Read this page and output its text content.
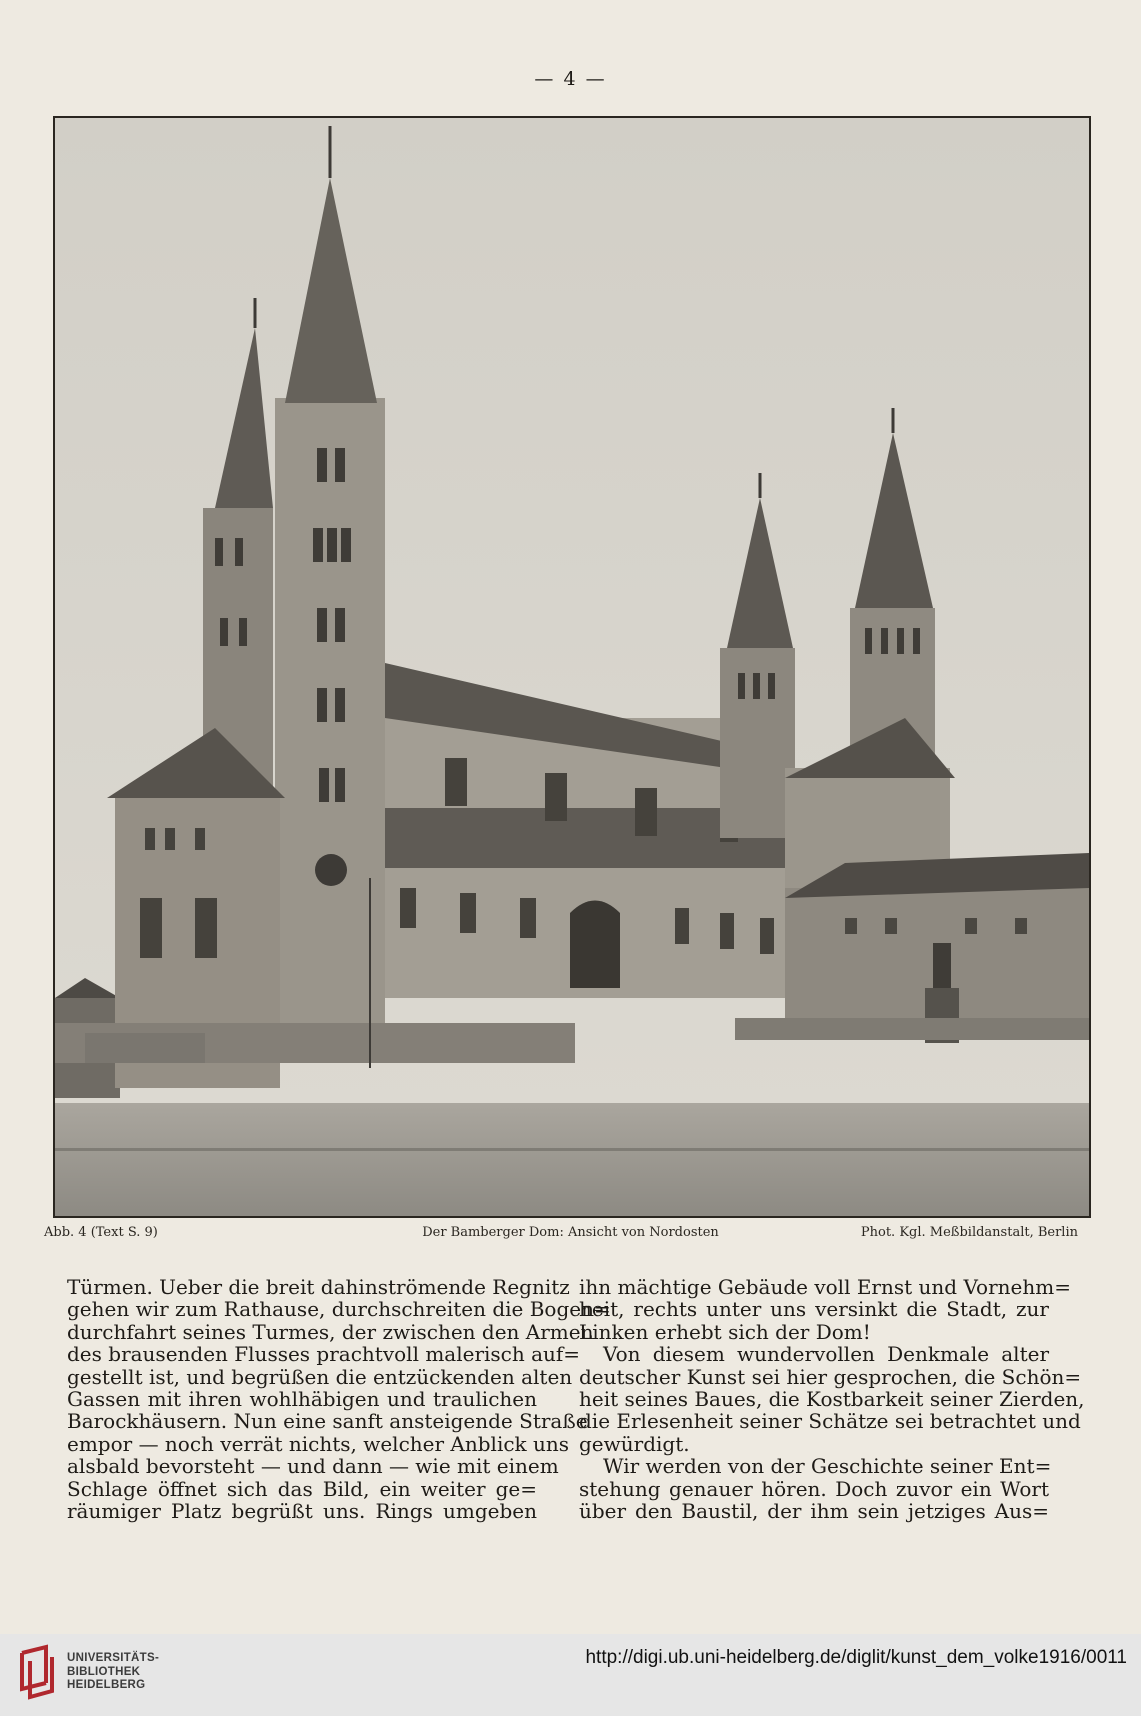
— 4 —
Abb. 4 (Text S. 9)	Der Bamberger Dom: Ansicht von Nordosten	Phot. Kgl. Meßbildanstalt, Berlin
Türmen. Ueber die breit dahinströmende Regnitz
gehen wir zum Rathause, durchschreiten die Bogen=
durchfahrt seines Turmes, der zwischen den Armen
des brausenden Flusses prachtvoll malerisch auf=
gestellt ist, und begrüßen die entzückenden alten
Gassen mit ihren wohlhäbigen und traulichen
Barockhäusern. Nun eine sanft ansteigende Straße
empor — noch verrät nichts, welcher Anblick uns
alsbald bevorsteht — und dann — wie mit einem
Schlage öffnet sich das Bild, ein weiter ge=
räumiger Platz begrüßt uns. Rings umgeben
ihn mächtige Gebäude voll Ernst und Vornehm=
heit, rechts unter uns versinkt die Stadt, zur
Linken erhebt sich der Dom!
Von diesem wundervollen Denkmale alter
deutscher Kunst sei hier gesprochen, die Schön=
heit seines Baues, die Kostbarkeit seiner Zierden,
die Erlesenheit seiner Schätze sei betrachtet und
gewürdigt.
Wir werden von der Geschichte seiner Ent=
stehung genauer hören. Doch zuvor ein Wort
über den Baustil, der ihm sein jetziges Aus=
UNIVERSITÄTS-
BIBLIOTHEK
HEIDELBERG
http://digi.ub.uni-heidelberg.de/diglit/kunst_dem_volke1916/0011
